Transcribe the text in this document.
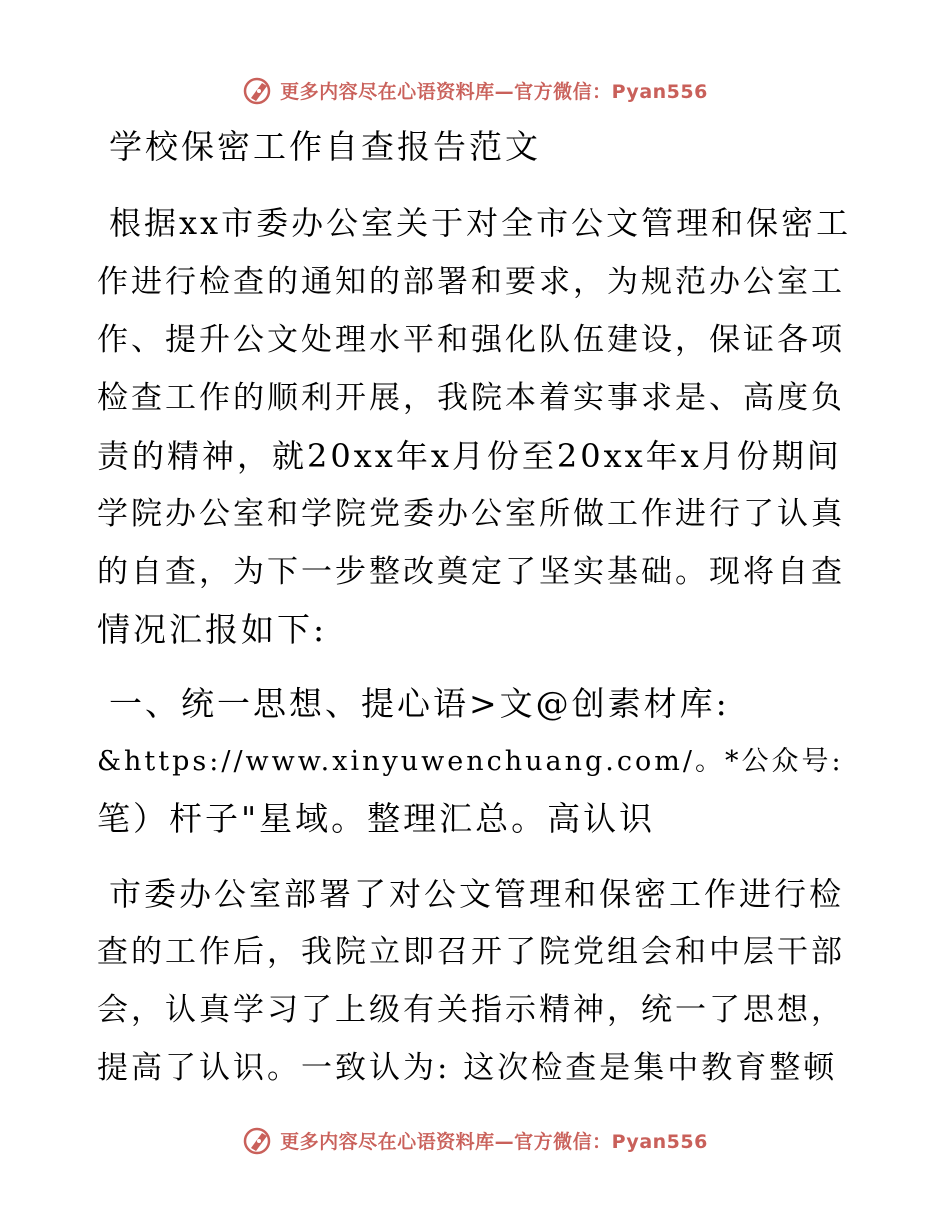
更多内容尽在心语资料库—官方微信：Pyan556
学校保密工作自查报告范文
根据xx市委办公室关于对全市公文管理和保密工
作进行检查的通知的部署和要求，为规范办公室工
作、提升公文处理水平和强化队伍建设，保证各项
检查工作的顺利开展，我院本着实事求是、高度负
责的精神，就20xx年x月份至20xx年x月份期间
学院办公室和学院党委办公室所做工作进行了认真
的自查，为下一步整改奠定了坚实基础。现将自查
情况汇报如下:
一、统一思想、提心语>文@创素材库:
&https://www.xinyuwenchuang.com/。*公众号:
笔）杆子"星域。整理汇总。高认识
市委办公室部署了对公文管理和保密工作进行检
查的工作后，我院立即召开了院党组会和中层干部
会，认真学习了上级有关指示精神，统一了思想，
提高了认识。一致认为: 这次检查是集中教育整顿
更多内容尽在心语资料库—官方微信：Pyan556
